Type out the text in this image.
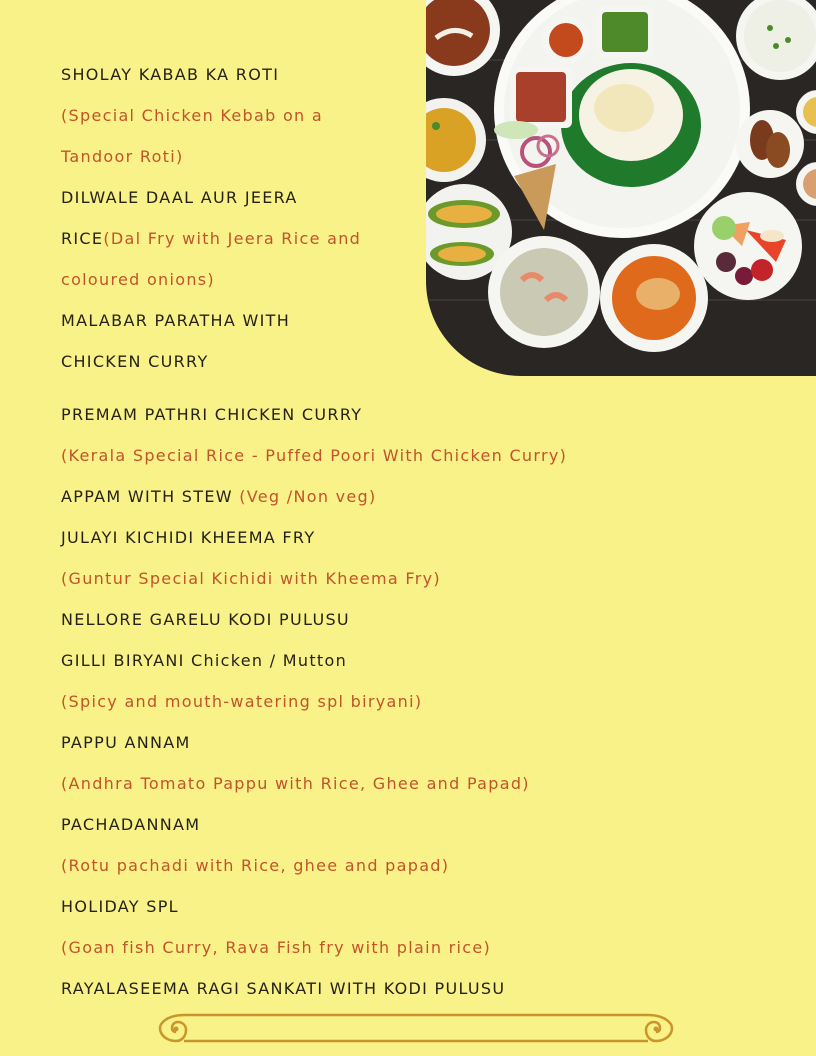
SHOLAY KABAB KA ROTI
(Special Chicken Kebab on a
Tandoor Roti)
DILWALE DAAL AUR JEERA
RICE(Dal Fry with Jeera Rice and
coloured onions)
MALABAR PARATHA WITH
CHICKEN CURRY
PREMAM PATHRI CHICKEN CURRY
(Kerala Special Rice - Puffed Poori With Chicken Curry)
APPAM WITH STEW (Veg /Non veg)
JULAYI KICHIDI KHEEMA FRY
(Guntur Special Kichidi with Kheema Fry)
NELLORE GARELU KODI PULUSU
GILLI BIRYANI Chicken / Mutton
(Spicy and mouth-watering spl biryani)
PAPPU ANNAM
(Andhra Tomato Pappu with Rice, Ghee and Papad)
PACHADANNAM
(Rotu pachadi with Rice, ghee and papad)
HOLIDAY SPL
(Goan fish Curry, Rava Fish fry with plain rice)
RAYALASEEMA RAGI SANKATI WITH KODI PULUSU
